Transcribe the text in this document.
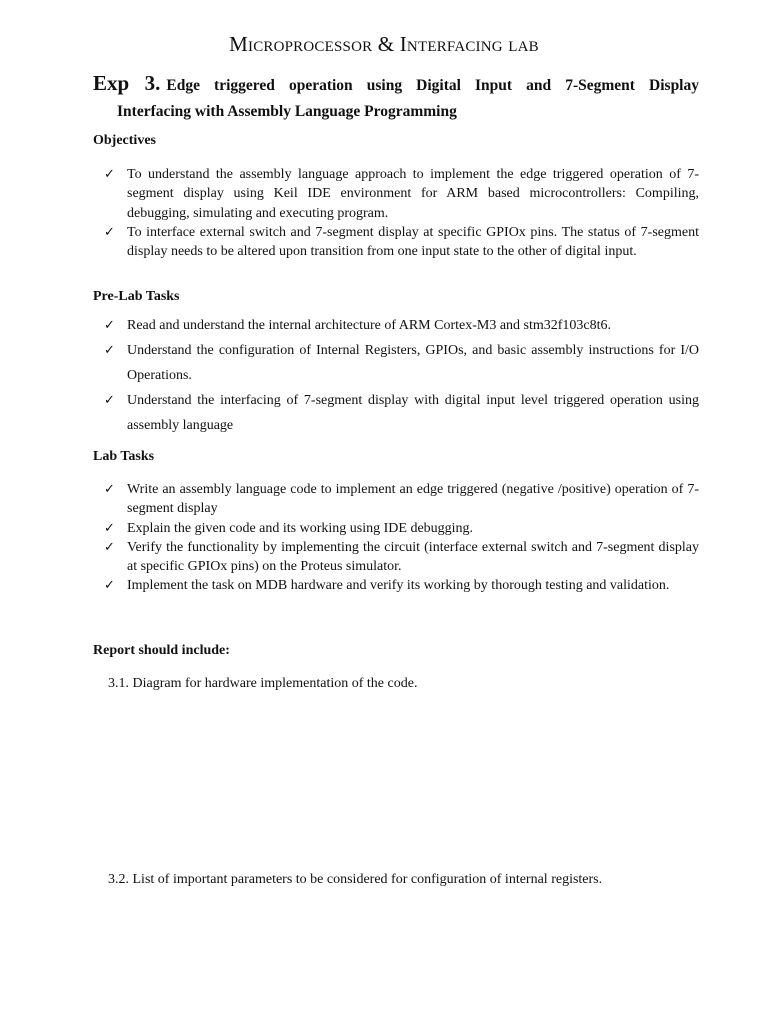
Microprocessor & Interfacing lab
Exp 3. Edge triggered operation using Digital Input and 7-Segment Display
Interfacing with Assembly Language Programming
Objectives
✓ To understand the assembly language approach to implement the edge triggered operation of 7-segment display using Keil IDE environment for ARM based microcontrollers: Compiling, debugging, simulating and executing program.
✓ To interface external switch and 7-segment display at specific GPIOx pins. The status of 7-segment display needs to be altered upon transition from one input state to the other of digital input.
Pre-Lab Tasks
✓ Read and understand the internal architecture of ARM Cortex-M3 and stm32f103c8t6.
✓ Understand the configuration of Internal Registers, GPIOs, and basic assembly instructions for I/O Operations.
✓ Understand the interfacing of 7-segment display with digital input level triggered operation using assembly language
Lab Tasks
✓ Write an assembly language code to implement an edge triggered (negative /positive) operation of 7-segment display
✓ Explain the given code and its working using IDE debugging.
✓ Verify the functionality by implementing the circuit (interface external switch and 7-segment display at specific GPIOx pins) on the Proteus simulator.
✓ Implement the task on MDB hardware and verify its working by thorough testing and validation.
Report should include:
3.1. Diagram for hardware implementation of the code.
3.2. List of important parameters to be considered for configuration of internal registers.
